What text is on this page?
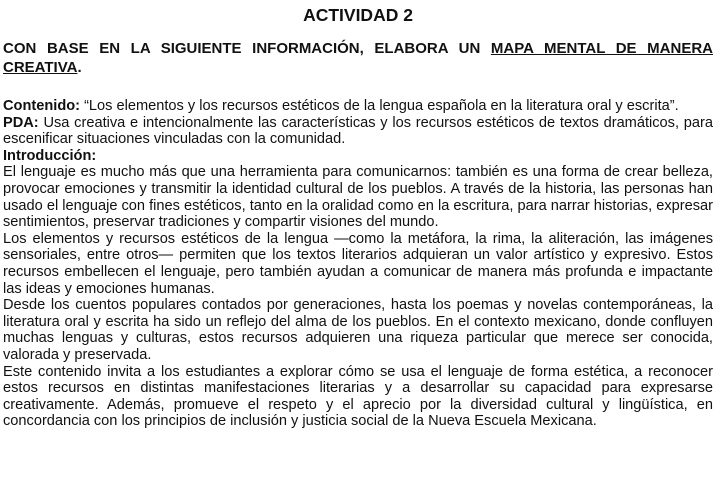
ACTIVIDAD 2
CON BASE EN LA SIGUIENTE INFORMACIÓN, ELABORA UN MAPA MENTAL DE MANERA CREATIVA.

Contenido: “Los elementos y los recursos estéticos de la lengua española en la literatura oral y escrita”.

PDA: Usa creativa e intencionalmente las características y los recursos estéticos de textos dramáticos, para escenificar situaciones vinculadas con la comunidad.

Introducción:

El lenguaje es mucho más que una herramienta para comunicarnos: también es una forma de crear belleza, provocar emociones y transmitir la identidad cultural de los pueblos. A través de la historia, las personas han usado el lenguaje con fines estéticos, tanto en la oralidad como en la escritura, para narrar historias, expresar sentimientos, preservar tradiciones y compartir visiones del mundo.

Los elementos y recursos estéticos de la lengua —como la metáfora, la rima, la aliteración, las imágenes sensoriales, entre otros— permiten que los textos literarios adquieran un valor artístico y expresivo. Estos recursos embellecen el lenguaje, pero también ayudan a comunicar de manera más profunda e impactante las ideas y emociones humanas.

Desde los cuentos populares contados por generaciones, hasta los poemas y novelas contemporáneas, la literatura oral y escrita ha sido un reflejo del alma de los pueblos. En el contexto mexicano, donde confluyen muchas lenguas y culturas, estos recursos adquieren una riqueza particular que merece ser conocida, valorada y preservada.

Este contenido invita a los estudiantes a explorar cómo se usa el lenguaje de forma estética, a reconocer estos recursos en distintas manifestaciones literarias y a desarrollar su capacidad para expresarse creativamente. Además, promueve el respeto y el aprecio por la diversidad cultural y lingüística, en concordancia con los principios de inclusión y justicia social de la Nueva Escuela Mexicana.
